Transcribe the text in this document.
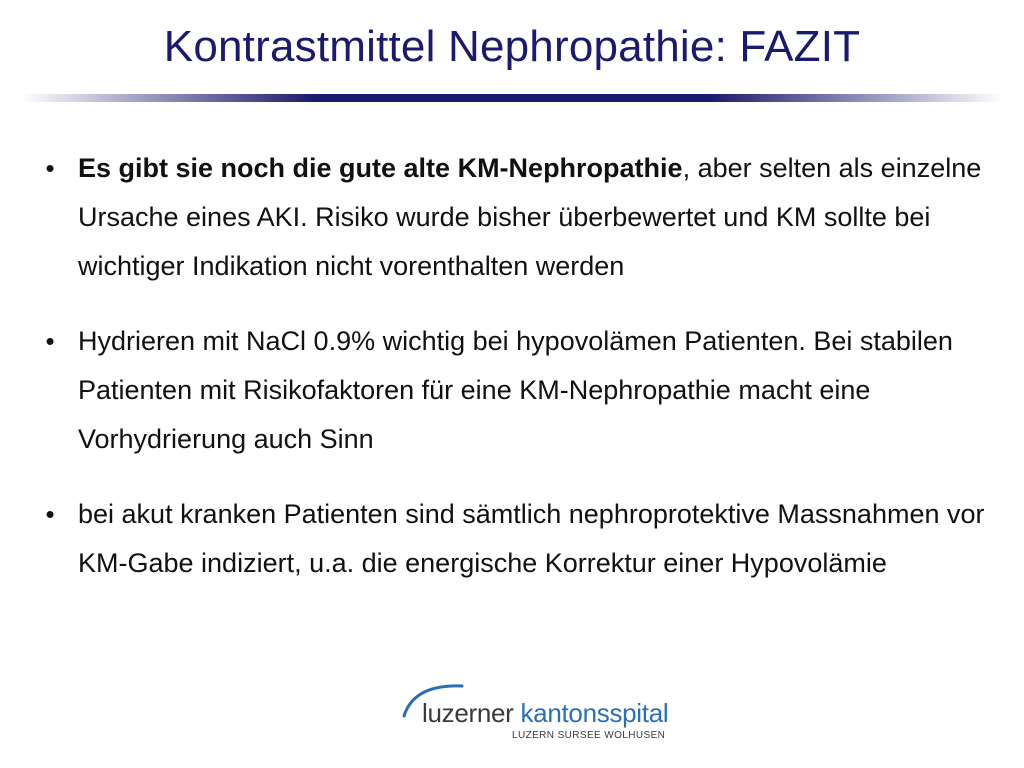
Kontrastmittel Nephropathie: FAZIT
• Es gibt sie noch die gute alte KM-Nephropathie, aber selten als einzelne Ursache eines AKI. Risiko wurde bisher überbewertet und KM sollte bei wichtiger Indikation nicht vorenthalten werden
• Hydrieren mit NaCl 0.9% wichtig bei hypovolämen Patienten. Bei stabilen Patienten mit Risikofaktoren für eine KM-Nephropathie macht eine Vorhydrierung auch Sinn
• bei akut kranken Patienten sind sämtlich nephroprotektive Massnahmen vor KM-Gabe indiziert, u.a. die energische Korrektur einer Hypovolämie
luzerner kantonsspital
LUZERN SURSEE WOLHUSEN
